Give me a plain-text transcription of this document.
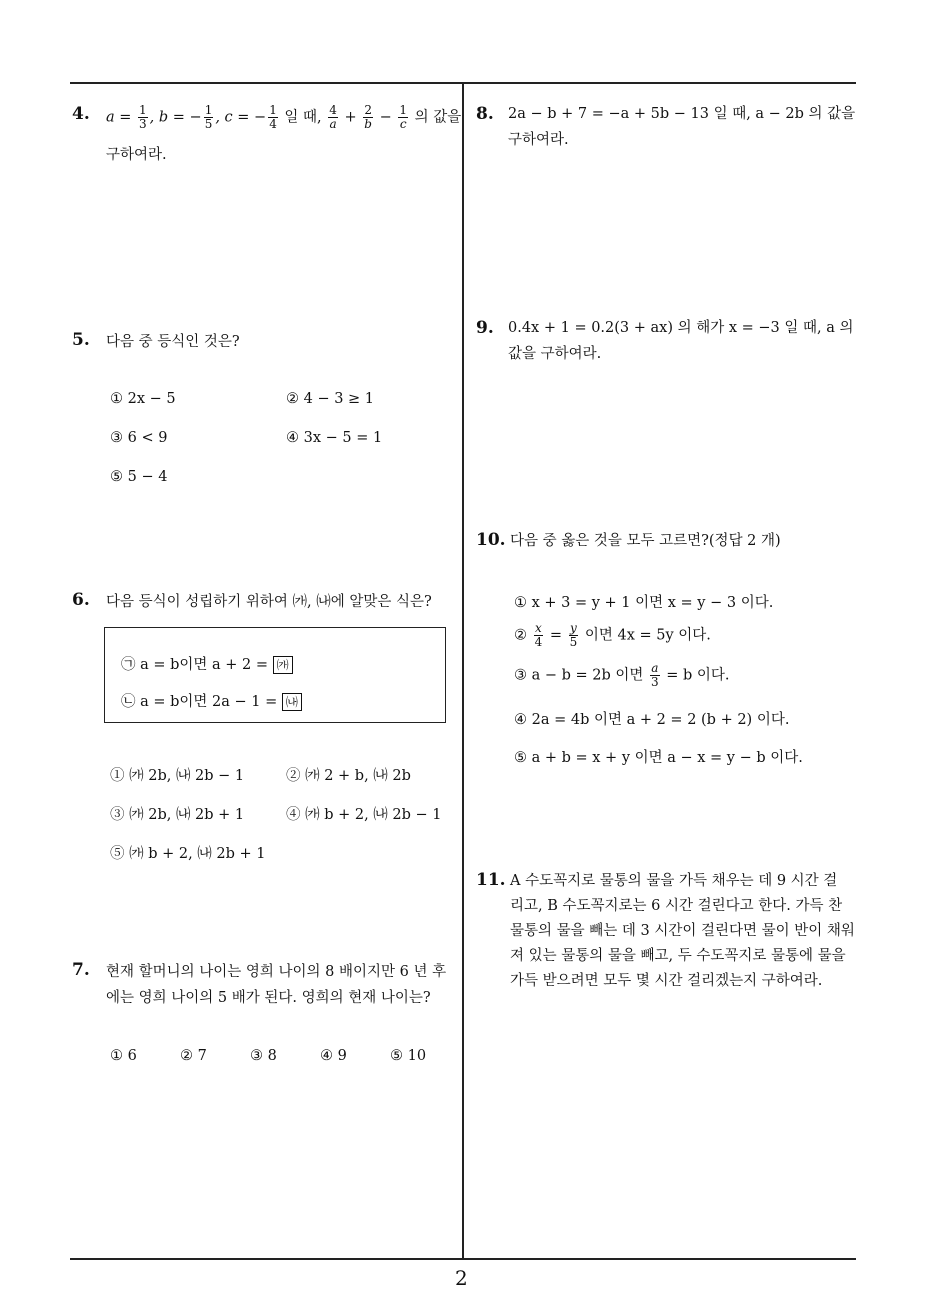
2
4. $a = \frac{1}{3}$ , b = − $\frac{1}{5}$ , c = − $\frac{1}{4}$ 일 때, $\frac{4}{a} + \frac{2}{b} - \frac{1}{c}$ 의 값을
구하여라.
5. 다음 중 등식인 것은?
① 2x − 5	② 4 − 3 ≥ 1
③ 6 < 9	④ 3x − 5 = 1
⑤ 5 − 4
6. 다음 등식이 성립하기 위하여 ㈎, ㈏에 알맞은 식은?
㉠ a = b이면 a + 2 = ㈎
㉡ a = b이면 2a − 1 = ㈏
① ㈎ 2b, ㈏ 2b − 1	② ㈎ 2 + b, ㈏ 2b
③ ㈎ 2b, ㈏ 2b + 1	④ ㈎ b + 2, ㈏ 2b − 1
⑤ ㈎ b + 2, ㈏ 2b + 1
7. 현재 할머니의 나이는 영희 나이의 8 배이지만 6 년 후
에는 영희 나이의 5 배가 된다. 영희의 현재 나이는?
① 6	② 7	③ 8	④ 9	⑤ 10
8. 2a − b + 7 = −a + 5b − 13 일 때, a − 2b 의 값을
구하여라.
9. 0.4x + 1 = 0.2(3 + ax) 의 해가 x = −3 일 때, a 의
값을 구하여라.
10. 다음 중 옳은 것을 모두 고르면?(정답 2 개)
① x + 3 = y + 1 이면 x = y − 3 이다.
② $\frac{x}{4} = \frac{y}{5}$ 이면 4x = 5y 이다.
③ a − b = 2b 이면 $\frac{a}{3} = b$ 이다.
④ 2a = 4b 이면 a + 2 = 2 (b + 2) 이다.
⑤ a + b = x + y 이면 a − x = y − b 이다.
11. A 수도꼭지로 물통의 물을 가득 채우는 데 9 시간 걸
리고, B 수도꼭지로는 6 시간 걸린다고 한다. 가득 찬
물통의 물을 빼는 데 3 시간이 걸린다면 물이 반이 채워
져 있는 물통의 물을 빼고, 두 수도꼭지로 물통에 물을
가득 받으려면 모두 몇 시간 걸리겠는지 구하여라.
